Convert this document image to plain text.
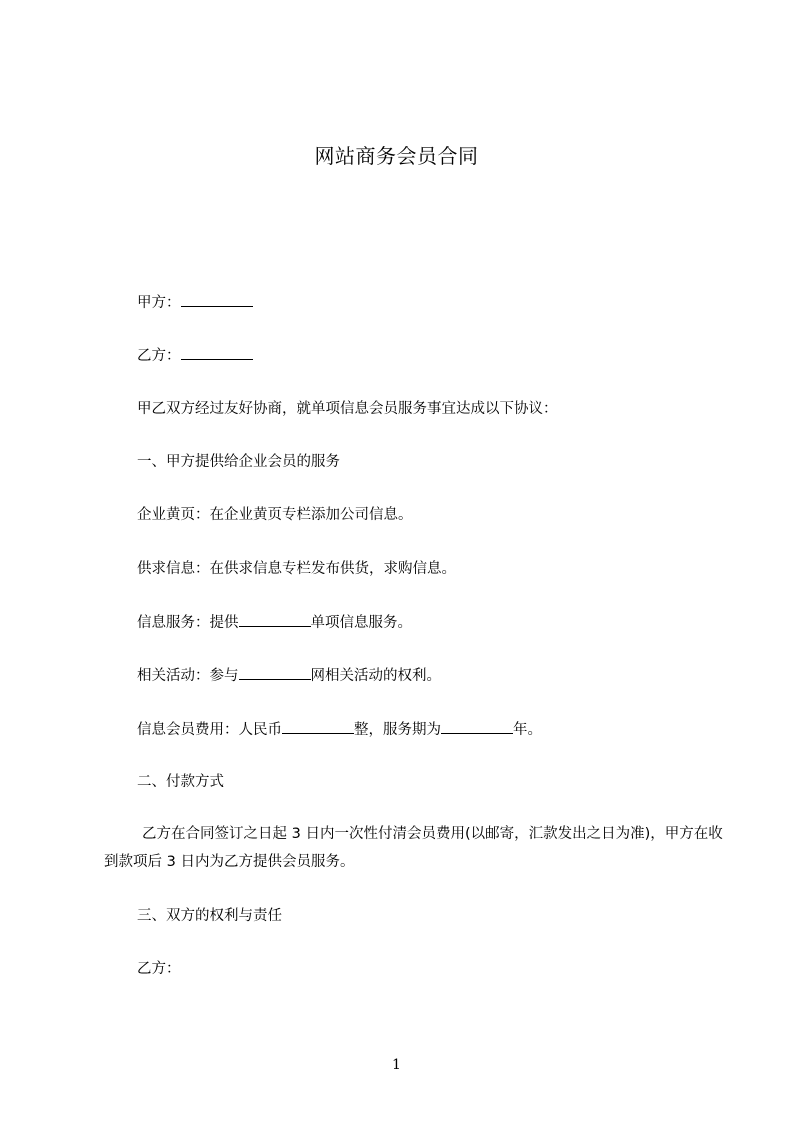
网站商务会员合同
甲方：
乙方：
甲乙双方经过友好协商，就单项信息会员服务事宜达成以下协议：
一、甲方提供给企业会员的服务
企业黄页：在企业黄页专栏添加公司信息。
供求信息：在供求信息专栏发布供货，求购信息。
信息服务：提供	单项信息服务。
相关活动：参与	网相关活动的权利。
信息会员费用：人民币	整，服务期为	年。
二、付款方式
乙方在合同签订之日起 3 日内一次性付清会员费用(以邮寄，汇款发出之日为准)，甲方在收到款项后 3 日内为乙方提供会员服务。
三、双方的权利与责任
乙方：
1
